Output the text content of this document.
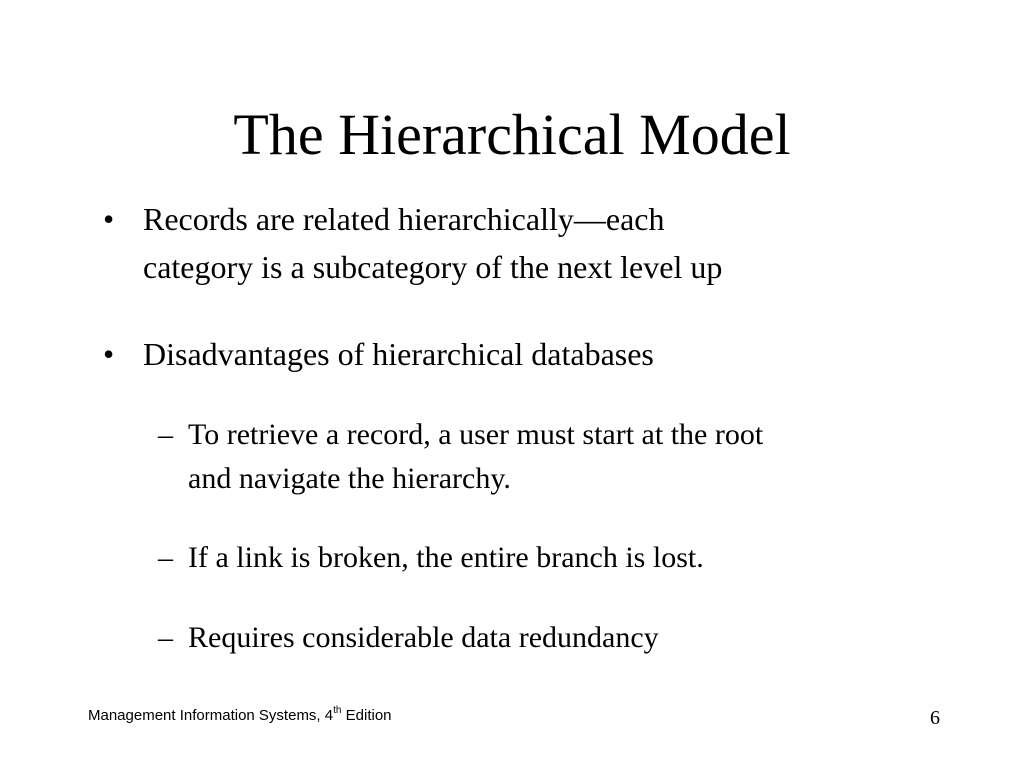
The Hierarchical Model
• Records are related hierarchically—each
category is a subcategory of the next level up
• Disadvantages of hierarchical databases
– To retrieve a record, a user must start at the root
and navigate the hierarchy.
– If a link is broken, the entire branch is lost.
– Requires considerable data redundancy
Management Information Systems, 4th Edition	6
